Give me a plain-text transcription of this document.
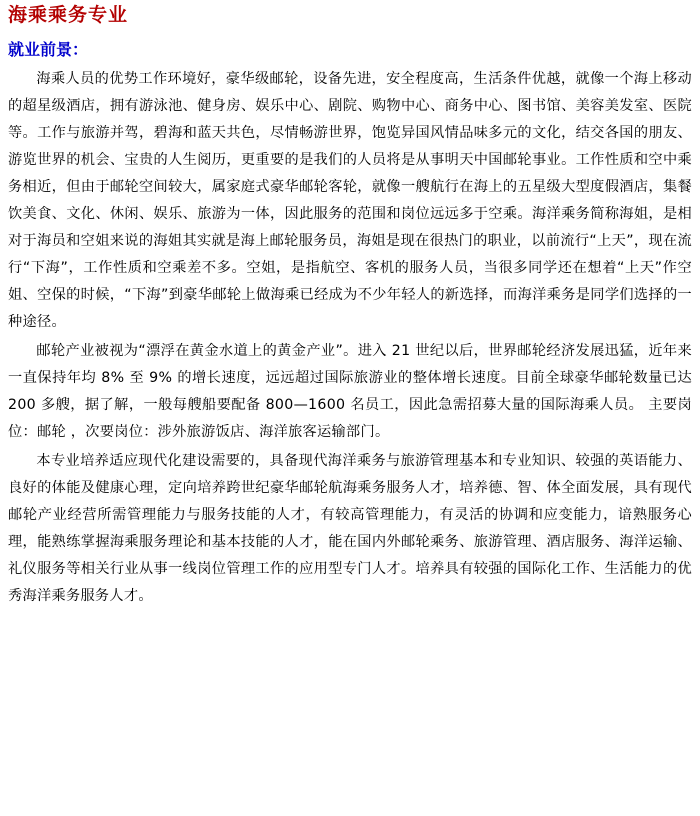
海乘乘务专业
就业前景：

海乘人员的优势工作环境好，豪华级邮轮，设备先进，安全程度高，生活条件优越，就像一个海上移动的超星级酒店，拥有游泳池、健身房、娱乐中心、剧院、购物中心、商务中心、图书馆、美容美发室、医院等。工作与旅游并驾，碧海和蓝天共色，尽情畅游世界，饱览异国风情品味多元的文化，结交各国的朋友、游览世界的机会、宝贵的人生阅历，更重要的是我们的人员将是从事明天中国邮轮事业。工作性质和空中乘务相近，但由于邮轮空间较大，属家庭式豪华邮轮客轮，就像一艘航行在海上的五星级大型度假酒店，集餐饮美食、文化、休闲、娱乐、旅游为一体，因此服务的范围和岗位远远多于空乘。海洋乘务简称海姐，是相对于海员和空姐来说的海姐其实就是海上邮轮服务员，海姐是现在很热门的职业，以前流行“上天”，现在流行“下海”，工作性质和空乘差不多。空姐，是指航空、客机的服务人员，当很多同学还在想着“上天”作空姐、空保的时候，“下海”到豪华邮轮上做海乘已经成为不少年轻人的新选择，而海洋乘务是同学们选择的一种途径。

邮轮产业被视为“漂浮在黄金水道上的黄金产业”。进入 21 世纪以后，世界邮轮经济发展迅猛，近年来一直保持年均 8% 至 9% 的增长速度，远远超过国际旅游业的整体增长速度。目前全球豪华邮轮数量已达 200 多艘，据了解，一般每艘船要配备 800—1600 名员工，因此急需招募大量的国际海乘人员。 主要岗位：邮轮 ，次要岗位：涉外旅游饭店、海洋旅客运输部门。

本专业培养适应现代化建设需要的，具备现代海洋乘务与旅游管理基本和专业知识、较强的英语能力、良好的体能及健康心理，定向培养跨世纪豪华邮轮航海乘务服务人才，培养德、智、体全面发展，具有现代邮轮产业经营所需管理能力与服务技能的人才，有较高管理能力，有灵活的协调和应变能力，谙熟服务心理，能熟练掌握海乘服务理论和基本技能的人才，能在国内外邮轮乘务、旅游管理、酒店服务、海洋运输、礼仪服务等相关行业从事一线岗位管理工作的应用型专门人才。培养具有较强的国际化工作、生活能力的优秀海洋乘务服务人才。
